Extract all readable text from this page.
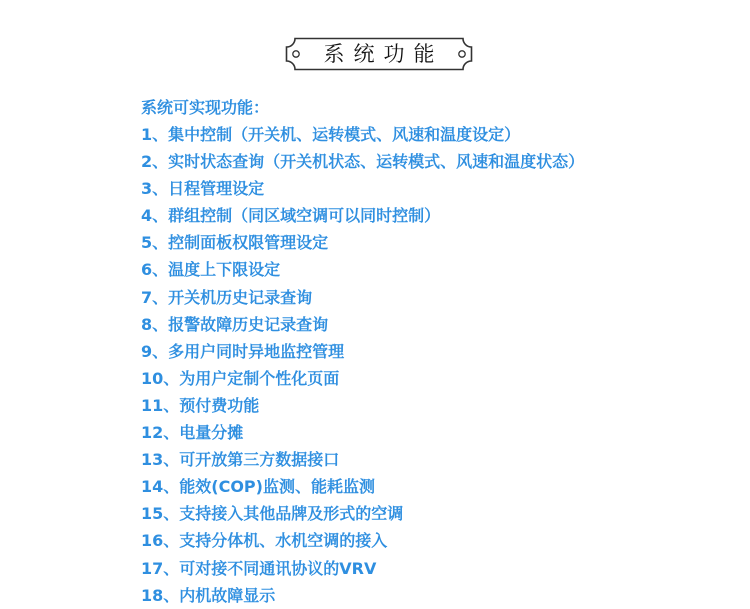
系统功能
系统可实现功能：
1、集中控制（开关机、运转模式、风速和温度设定）
2、实时状态查询（开关机状态、运转模式、风速和温度状态）
3、日程管理设定
4、群组控制（同区域空调可以同时控制）
5、控制面板权限管理设定
6、温度上下限设定
7、开关机历史记录查询
8、报警故障历史记录查询
9、多用户同时异地监控管理
10、为用户定制个性化页面
11、预付费功能
12、电量分摊
13、可开放第三方数据接口
14、能效(COP)监测、能耗监测
15、支持接入其他品牌及形式的空调
16、支持分体机、水机空调的接入
17、可对接不同通讯协议的VRV
18、内机故障显示
